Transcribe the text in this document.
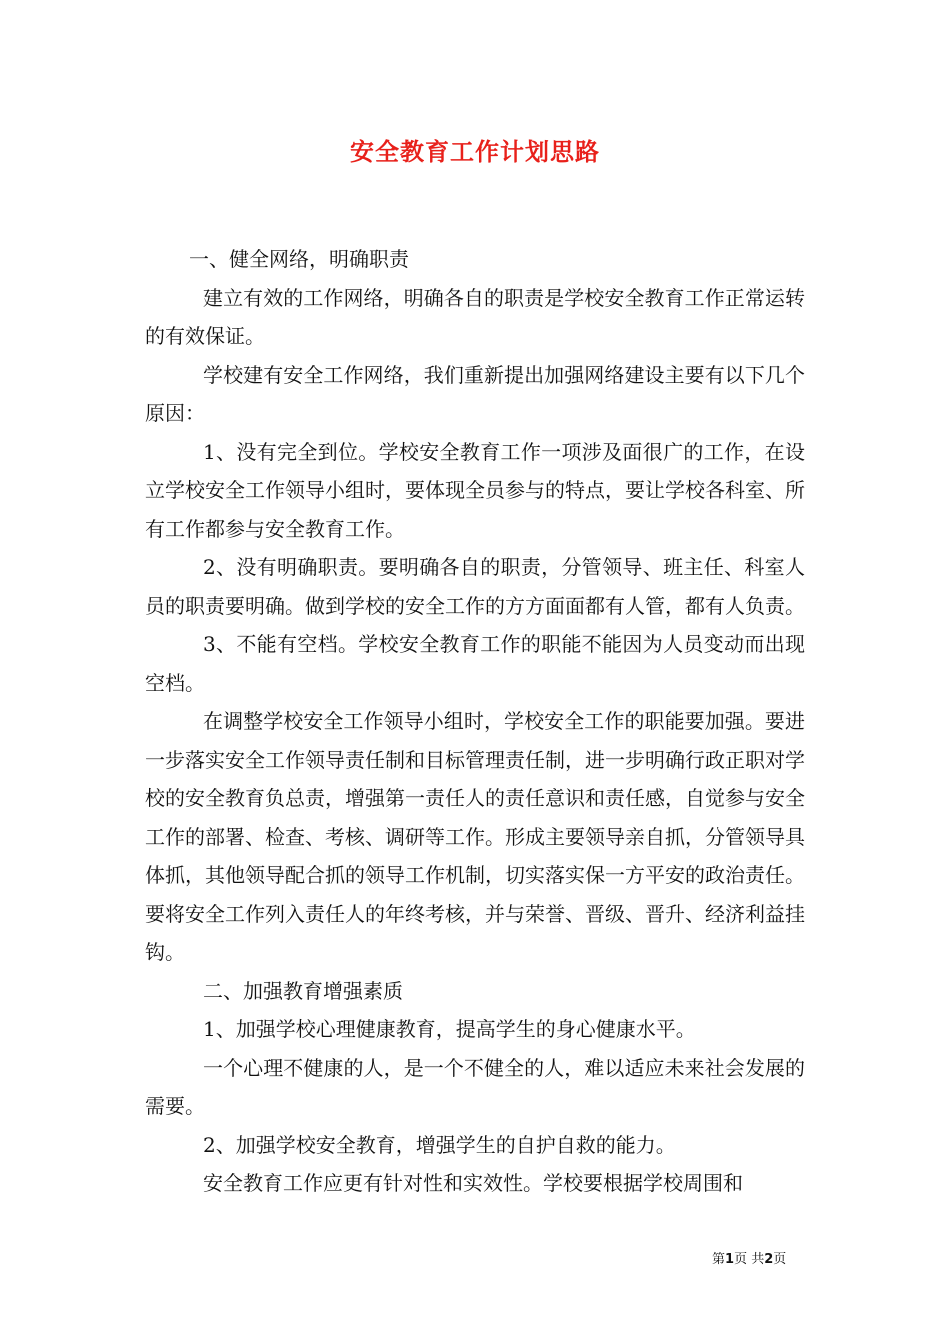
安全教育工作计划思路

一、健全网络，明确职责

建立有效的工作网络，明确各自的职责是学校安全教育工作正常运转的有效保证。

学校建有安全工作网络，我们重新提出加强网络建设主要有以下几个原因：

1、没有完全到位。学校安全教育工作一项涉及面很广的工作，在设立学校安全工作领导小组时，要体现全员参与的特点，要让学校各科室、所有工作都参与安全教育工作。

2、没有明确职责。要明确各自的职责，分管领导、班主任、科室人员的职责要明确。做到学校的安全工作的方方面面都有人管，都有人负责。

3、不能有空档。学校安全教育工作的职能不能因为人员变动而出现空档。

在调整学校安全工作领导小组时，学校安全工作的职能要加强。要进一步落实安全工作领导责任制和目标管理责任制，进一步明确行政正职对学校的安全教育负总责，增强第一责任人的责任意识和责任感，自觉参与安全工作的部署、检查、考核、调研等工作。形成主要领导亲自抓，分管领导具体抓，其他领导配合抓的领导工作机制，切实落实保一方平安的政治责任。要将安全工作列入责任人的年终考核，并与荣誉、晋级、晋升、经济利益挂钩。

二、加强教育增强素质

1、加强学校心理健康教育，提高学生的身心健康水平。

一个心理不健康的人，是一个不健全的人，难以适应未来社会发展的需要。

2、加强学校安全教育，增强学生的自护自救的能力。

安全教育工作应更有针对性和实效性。学校要根据学校周围和

第1页 共2页
